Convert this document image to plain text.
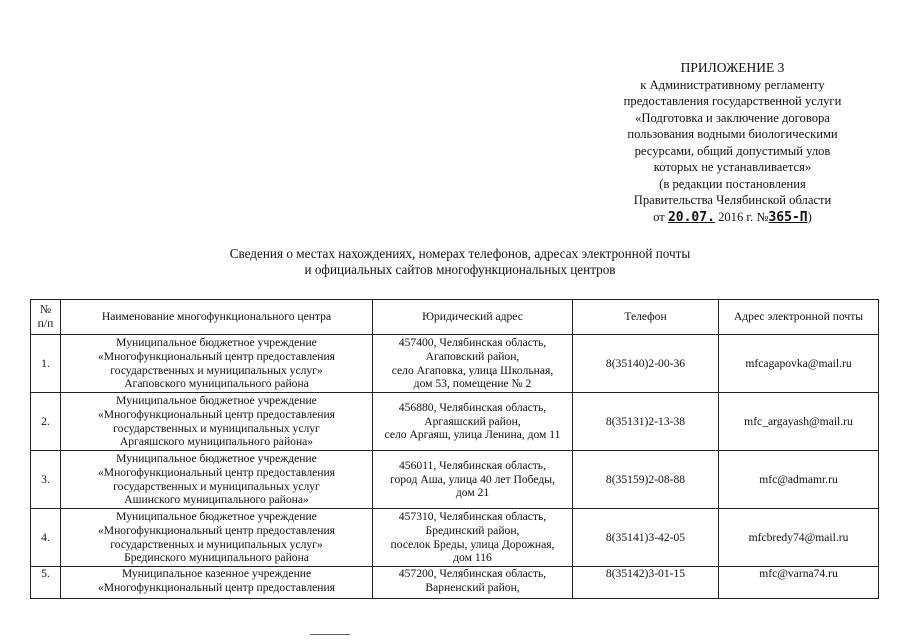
ПРИЛОЖЕНИЕ 3
к Административному регламенту
предоставления государственной услуги
«Подготовка и заключение договора
пользования водными биологическими
ресурсами, общий допустимый улов
которых не устанавливается»
(в редакции постановления
Правительства Челябинской области
от 20.07. 2016 г. №365-П)
Сведения о местах нахождениях, номерах телефонов, адресах электронной почты
и официальных сайтов многофункциональных центров
№ п/п	Наименование многофункционального центра	Юридический адрес	Телефон	Адрес электронной почты
1.	Муниципальное бюджетное учреждение
«Многофункциональный центр предоставления
государственных и муниципальных услуг»
Агаповского муниципального района	457400, Челябинская область,
Агаповский район,
село Агаповка, улица Школьная,
дом 53, помещение № 2	8(35140)2-00-36	mfcagapovka@mail.ru
2.	Муниципальное бюджетное учреждение
«Многофункциональный центр предоставления
государственных и муниципальных услуг
Аргаяшского муниципального района»	456880, Челябинская область,
Аргаяшский район,
село Аргаяш, улица Ленина, дом 11	8(35131)2-13-38	mfc_argayash@mail.ru
3.	Муниципальное бюджетное учреждение
«Многофункциональный центр предоставления
государственных и муниципальных услуг
Ашинского муниципального района»	456011, Челябинская область,
город Аша, улица 40 лет Победы,
дом 21	8(35159)2-08-88	mfc@admamr.ru
4.	Муниципальное бюджетное учреждение
«Многофункциональный центр предоставления
государственных и муниципальных услуг»
Брединского муниципального района	457310, Челябинская область,
Брединский район,
поселок Бреды, улица Дорожная,
дом 116	8(35141)3-42-05	mfcbredy74@mail.ru
5.	Муниципальное казенное учреждение
«Многофункциональный центр предоставления	457200, Челябинская область,
Варненский район,	8(35142)3-01-15	mfc@varna74.ru
